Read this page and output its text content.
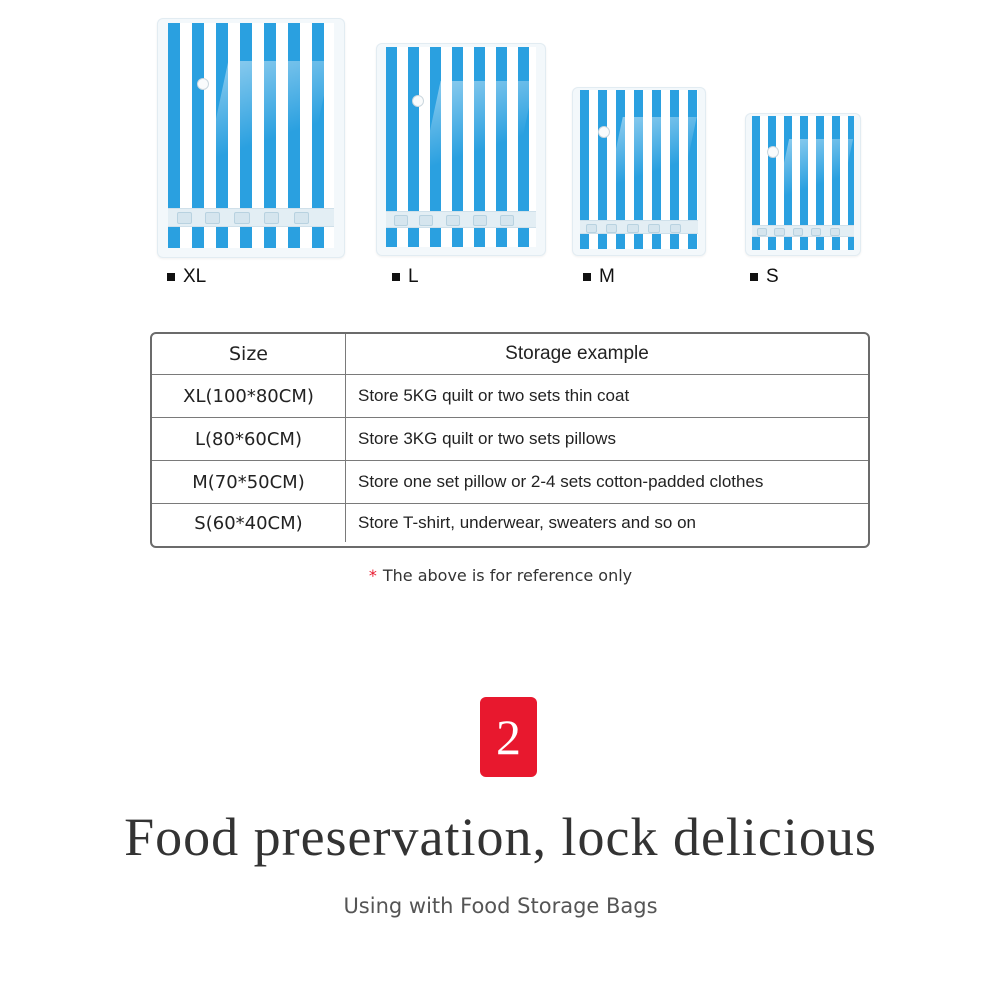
XL	L	M	S
Size	Storage example
XL(100*80CM)	Store 5KG quilt or two sets thin coat
L(80*60CM)	Store 3KG quilt or two sets pillows
M(70*50CM)	Store one set pillow or 2-4 sets cotton-padded clothes
S(60*40CM)	Store T-shirt, underwear, sweaters and so on
* The above is for reference only
2
Food preservation, lock delicious
Using with Food Storage Bags
